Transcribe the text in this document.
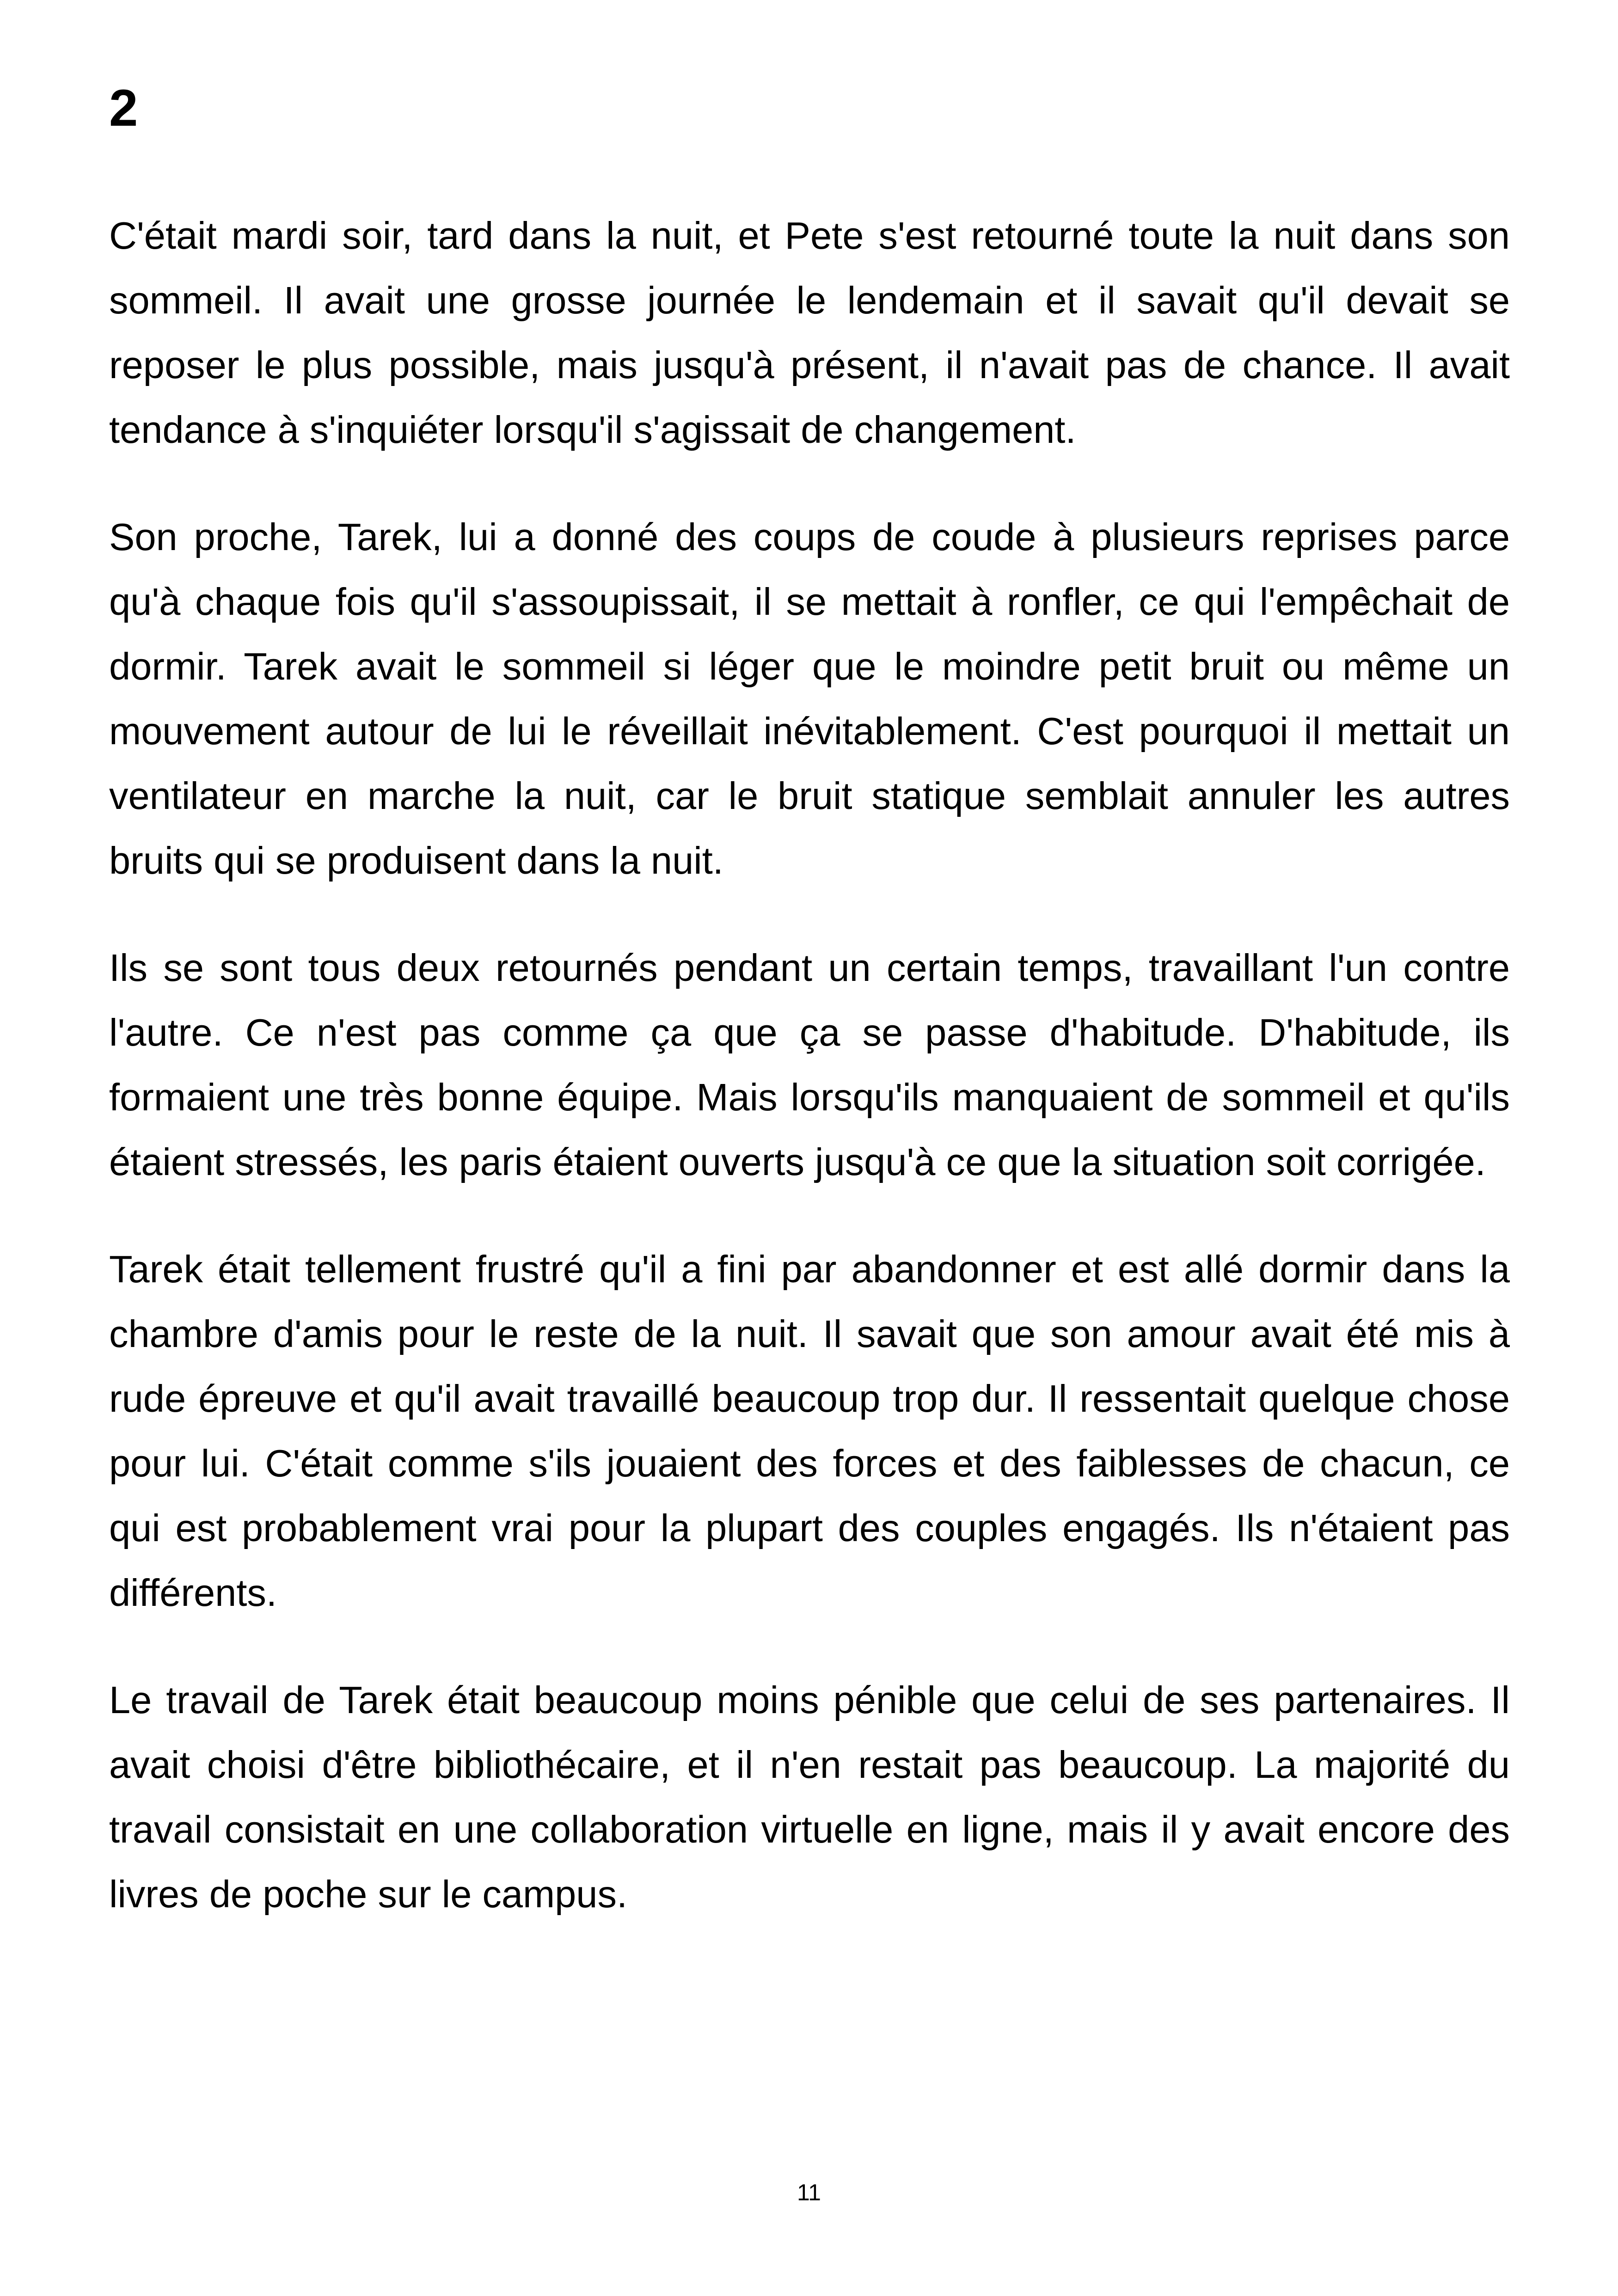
2

C'était mardi soir, tard dans la nuit, et Pete s'est retourné toute la nuit dans son sommeil. Il avait une grosse journée le lendemain et il savait qu'il devait se reposer le plus possible, mais jusqu'à présent, il n'avait pas de chance. Il avait tendance à s'inquiéter lorsqu'il s'agissait de changement.

Son proche, Tarek, lui a donné des coups de coude à plusieurs reprises parce qu'à chaque fois qu'il s'assoupissait, il se mettait à ronfler, ce qui l'empêchait de dormir. Tarek avait le sommeil si léger que le moindre petit bruit ou même un mouvement autour de lui le réveillait inévitablement. C'est pourquoi il mettait un ventilateur en marche la nuit, car le bruit statique semblait annuler les autres bruits qui se produisent dans la nuit.

Ils se sont tous deux retournés pendant un certain temps, travaillant l'un contre l'autre. Ce n'est pas comme ça que ça se passe d'habitude. D'habitude, ils formaient une très bonne équipe. Mais lorsqu'ils manquaient de sommeil et qu'ils étaient stressés, les paris étaient ouverts jusqu'à ce que la situation soit corrigée.

Tarek était tellement frustré qu'il a fini par abandonner et est allé dormir dans la chambre d'amis pour le reste de la nuit. Il savait que son amour avait été mis à rude épreuve et qu'il avait travaillé beaucoup trop dur. Il ressentait quelque chose pour lui. C'était comme s'ils jouaient des forces et des faiblesses de chacun, ce qui est probablement vrai pour la plupart des couples engagés. Ils n'étaient pas différents.

Le travail de Tarek était beaucoup moins pénible que celui de ses partenaires. Il avait choisi d'être bibliothécaire, et il n'en restait pas beaucoup. La majorité du travail consistait en une collaboration virtuelle en ligne, mais il y avait encore des livres de poche sur le campus.

11
